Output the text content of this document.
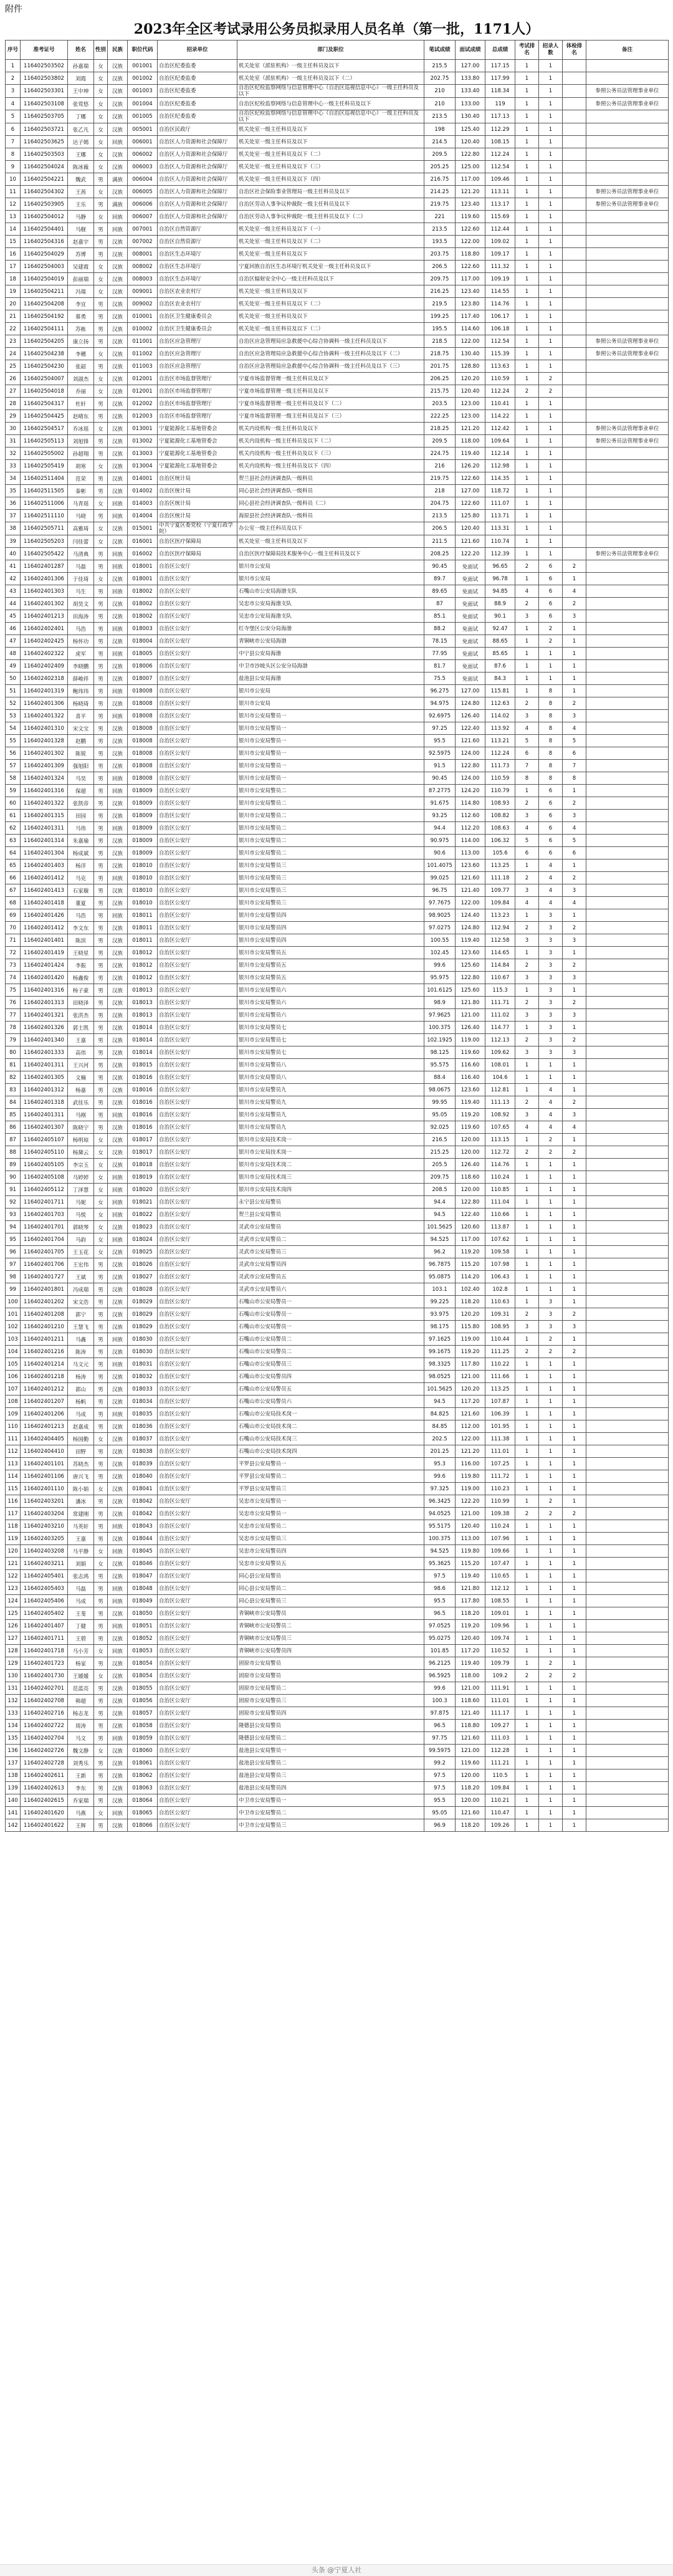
附件
2023年全区考试录用公务员拟录用人员名单（第一批，1171人）
序号	准考证号	姓名	性别	民族	职位代码	招录单位	部门及职位	笔试成绩	面试成绩	总成绩	考试排名	招录人数	体检排名	备注
1	116402503502	孙嘉瑞	女	汉族	001001	自治区纪委监委	机关处室（派驻机构）一级主任科员及以下	215.5	127.00	117.15	1	1		
2	116402503802	刘霞	女	汉族	001002	自治区纪委监委	机关处室（派驻机构）一级主任科员及以下（二）	202.75	133.80	117.99	1	1		
3	116402503301	王中坤	女	汉族	001003	自治区纪委监委	自治区纪检监察网络与信息管理中心（自治区巡视信息中心）一级主任科员及以下	210	133.40	118.34	1	1		参照公务员法管理事业单位
4	116402503108	张莺悠	女	汉族	001004	自治区纪委监委	自治区纪检监察网络与信息管理中心一级主任科员及以下	210	133.00	119	1	1		参照公务员法管理事业单位
5	116402503705	丁娜	女	汉族	001005	自治区纪委监委	自治区纪检监察网络与信息管理中心（自治区巡视信息中心）一级主任科员及以下	213.5	130.40	117.13	1	1		
6	116402503721	张乙凡	女	汉族	005001	自治区民政厅	机关处室一级主任科员及以下	198	125.40	112.29	1	1		
7	116402503625	达子嫣	女	回族	006001	自治区人力资源和社会保障厅	机关处室一级主任科员及以下	214.5	120.40	108.15	1	1		
8	116402503503	王娜	女	汉族	006002	自治区人力资源和社会保障厅	机关处室一级主任科员及以下（二）	209.5	122.80	112.24	1	1		
9	116402504024	陈冰薇	女	汉族	006003	自治区人力资源和社会保障厅	机关处室一级主任科员及以下（三）	205.25	125.00	112.54	1	1		
10	116402504221	魏武	男	满族	006004	自治区人力资源和社会保障厅	机关处室一级主任科员及以下（四）	216.75	117.00	109.46	1	1		
11	116402504302	王茜	女	汉族	006005	自治区人力资源和社会保障厅	自治区社会保险事业管理局一级主任科员及以下	214.25	121.20	113.11	1	1		参照公务员法管理事业单位
12	116402503905	王乐	男	满族	006006	自治区人力资源和社会保障厅	自治区劳动人事争议仲裁院一级主任科员及以下	219.75	123.40	113.17	1	1		参照公务员法管理事业单位
13	116402504012	马静	女	回族	006007	自治区人力资源和社会保障厅	自治区劳动人事争议仲裁院一级主任科员及以下（二）	221	119.60	115.69	1	1		
14	116402504401	马舰	男	回族	007001	自治区自然资源厅	机关处室一级主任科员及以下（一）	213.5	122.60	112.44	1	1		
15	116402504316	赵嘉宇	男	汉族	007002	自治区自然资源厅	机关处室一级主任科员及以下（二）	193.5	122.00	109.02	1	1		
16	116402504029	苏博	男	汉族	008001	自治区生态环境厅	机关处室一级主任科员及以下	203.75	118.80	109.17	1	1		
17	116402504003	吴建霞	女	汉族	008002	自治区生态环境厅	宁夏回族自治区生态环境厅机关处室一级主任科员及以下	206.5	122.60	111.32	1	1		
18	116402504019	彭丽瑞	女	汉族	008003	自治区生态环境厅	自治区辐射安全中心一级主任科员及以下	209.75	117.00	109.19	1	1		
19	116402504211	冯瑞	女	汉族	009001	自治区农业农村厅	机关处室一级主任科员及以下	216.25	123.40	114.55	1	1		
20	116402504208	李宜	男	汉族	009002	自治区农业农村厅	机关处室一级主任科员及以下（二）	219.5	123.80	114.76	1	1		
21	116402504192	慕勇	男	汉族	010001	自治区卫生健康委员会	机关处室一级主任科员及以下	199.25	117.40	106.17	1	1		
22	116402504111	苏栋	男	汉族	010002	自治区卫生健康委员会	机关处室一级主任科员及以下（二）	195.5	114.60	106.18	1	1		
23	116402504205	康立扬	男	汉族	011001	自治区应急管理厅	自治区应急管理局应急救援中心综合协调科一级主任科员及以下	218.5	122.00	112.54	1	1		参照公务员法管理事业单位
24	116402504238	李穗	女	汉族	011002	自治区应急管理厅	自治区应急管理局应急救援中心综合协调科一级主任科员及以下（二）	218.75	130.40	115.39	1	1		参照公务员法管理事业单位
25	116402504230	张韶	男	汉族	011003	自治区应急管理厅	自治区应急管理局应急救援中心综合协调科一级主任科员及以下（三）	201.75	128.80	113.63	1	1		
26	116402504007	刘淑杰	女	汉族	012001	自治区市场监督管理厅	宁夏市场监督管理一级主任科员及以下	206.25	120.20	110.59	1	2		
27	116402504018	乔丽	女	汉族	012001	自治区市场监督管理厅	宁夏市场监督管理一级主任科员及以下	215.75	120.40	112.24	2	2		
28	116402504317	杜轩	男	汉族	012002	自治区市场监督管理厅	宁夏市场监督管理一级主任科员及以下（二）	203.5	123.00	110.41	1	1		
29	116402504425	赵晴东	男	汉族	012003	自治区市场监督管理厅	宁夏市场监督管理一级主任科员及以下（三）	222.25	123.00	114.22	1	1		
30	116402504517	乔冰瑶	女	汉族	013001	宁夏能源化工基地管委会	机关内设机构一级主任科员及以下	218.25	121.20	112.42	1	1		参照公务员法管理事业单位
31	116402505113	刘旭锋	男	汉族	013002	宁夏能源化工基地管委会	机关内设机构一级主任科员及以下（二）	209.5	118.00	109.64	1	1		参照公务员法管理事业单位
32	116402505002	孙超翔	男	汉族	013003	宁夏能源化工基地管委会	机关内设机构一级主任科员及以下（三）	224.75	119.40	112.14	1	1		
33	116402505419	胡寒	女	汉族	013004	宁夏能源化工基地管委会	机关内设机构一级主任科员及以下（四）	216	126.20	112.98	1	1		
34	116402511404	范荣	男	汉族	014001	自治区统计局	贺兰县社会经济调查队一级科员	219.75	122.60	114.35	1	1		
35	116402511505	秦彬	男	汉族	014002	自治区统计局	同心县社会经济调查队一级科员	218	127.00	118.72	1	1		
36	116402511006	马青瑶	女	回族	014003	自治区统计局	同心县社会经济调查队一级科员（二）	204.75	122.60	111.07	1	1		
37	116402511110	马晓	男	回族	014004	自治区统计局	海原县社会经济调查队一级科员	213.5	125.80	113.71	1	1		
38	116402505711	高雅琦	女	汉族	015001	中共宁夏区委党校（宁夏行政学院）	办公室一级主任科员及以下	206.5	120.40	113.31	1	1		
39	116402505203	闫佳蕾	女	汉族	016001	自治区医疗保障局	机关处室一级主任科员及以下	211.5	121.60	110.74	1	1		
40	116402505422	马清典	男	回族	016002	自治区医疗保障局	自治区医疗保障局技术服务中心一级主任科员及以下	208.25	122.20	112.39	1	1		参照公务员法管理事业单位
41	116402401287	马磊	男	回族	018001	自治区公安厅	银川市公安局	90.45	免面试	96.65	2	6	2	
42	116402401306	于佳琦	女	汉族	018001	自治区公安厅	银川市公安局	89.7	免面试	96.78	1	6	1	
43	116402401303	马生	男	回族	018002	自治区公安厅	石嘴山市公安局海渤支队	89.65	免面试	94.85	4	6	4	
44	116402401302	胡昊文	男	汉族	018002	自治区公安厅	吴忠市公安局海渤支队	87	免面试	88.9	2	6	2	
45	116402401213	田海涛	男	汉族	018002	自治区公安厅	吴忠市公安局海渤支队	85.1	免面试	90.1	3	6	3	
46	116402402401	马浩	男	回族	018003	自治区公安厅	红寺堡区公安分局海渤	88.2	免面试	92.47	1	2	1	
47	116402402425	杨怀功	男	汉族	018004	自治区公安厅	青铜峡市公安局海渤	78.15	免面试	88.65	1	2	1	
48	116402402322	虎军	男	回族	018005	自治区公安厅	中宁县公安局海渤	77.95	免面试	85.65	1	1	1	
49	116402402409	李晓鹏	男	汉族	018006	自治区公安厅	中卫市沙坡头区公安分局海渤	81.7	免面试	87.6	1	1	1	
50	116402402318	薛峻祥	男	汉族	018007	自治区公安厅	盐池县公安局海渤	75.5	免面试	84.3	1	1	1	
51	116402401319	鲍玮玮	男	回族	018008	自治区公安厅	银川市公安局	96.275	127.00	115.81	1	8	1	
52	116402401306	杨晓琦	男	汉族	018008	自治区公安厅	银川市公安局	94.975	124.80	112.63	2	8	2	
53	116402401322	喜平	男	回族	018008	自治区公安厅	银川市公安局警员一	92.6975	126.40	114.02	3	8	3	
54	116402401310	宋文宝	男	汉族	018008	自治区公安厅	银川市公安局警员一	97.25	122.40	113.92	4	8	4	
55	116402401328	赵鹏	男	汉族	018008	自治区公安厅	银川市公安局警员一	95.5	121.60	113.21	5	8	5	
56	116402401302	陈锐	男	汉族	018008	自治区公安厅	银川市公安局警员一	92.5975	124.00	112.24	6	8	6	
57	116402401309	强旭阳	男	汉族	018008	自治区公安厅	银川市公安局警员一	91.5	122.80	111.73	7	8	7	
58	116402401324	马昊	男	回族	018008	自治区公安厅	银川市公安局警员一	90.45	124.00	110.59	8	8	8	
59	116402401316	保超	男	回族	018009	自治区公安厅	银川市公安局警员二	87.2775	124.20	110.79	1	6	1	
60	116402401322	张凯帝	男	汉族	018009	自治区公安厅	银川市公安局警员二	91.675	114.80	108.93	2	6	2	
61	116402401315	田园	男	汉族	018009	自治区公安厅	银川市公安局警员二	93.25	112.60	108.82	3	6	3	
62	116402401311	马伟	男	回族	018009	自治区公安厅	银川市公安局警员二	94.4	112.20	108.63	4	6	4	
63	116402401314	朱嘉瑜	男	汉族	018009	自治区公安厅	银川市公安局警员二	90.975	114.00	106.32	5	6	5	
64	116402401304	杨成斌	男	汉族	018009	自治区公安厅	银川市公安局警员二	90.6	113.00	105.6	6	6	6	
65	116402401403	杨洋	男	汉族	018010	自治区公安厅	银川市公安局警员三	101.4075	123.60	113.25	1	4	1	
66	116402401412	马克	男	回族	018010	自治区公安厅	银川市公安局警员三	99.025	121.60	111.18	2	4	2	
67	116402401413	石家璇	男	汉族	018010	自治区公安厅	银川市公安局警员三	96.75	121.40	109.77	3	4	3	
68	116402401418	董夏	男	汉族	018010	自治区公安厅	银川市公安局警员三	97.7675	122.00	109.84	4	4	4	
69	116402401426	马浩	男	回族	018011	自治区公安厅	银川市公安局警员四	98.9025	124.40	113.23	1	3	1	
70	116402401412	李文东	男	汉族	018011	自治区公安厅	银川市公安局警员四	97.0275	124.80	112.94	2	3	2	
71	116402401401	陈滨	男	汉族	018011	自治区公安厅	银川市公安局警员四	100.55	119.40	112.58	3	3	3	
72	116402401419	王晓星	男	汉族	018012	自治区公安厅	银川市公安局警员五	102.45	123.60	114.65	1	3	1	
73	116402401424	李振	男	汉族	018012	自治区公安厅	银川市公安局警员五	99.6	125.60	114.84	2	3	2	
74	116402401420	杨鑫俊	男	汉族	018012	自治区公安厅	银川市公安局警员五	95.975	122.80	110.67	3	3	3	
75	116402401316	杨子豪	男	汉族	018013	自治区公安厅	银川市公安局警员六	101.6125	125.60	115.3	1	3	1	
76	116402401313	田晓泽	男	汉族	018013	自治区公安厅	银川市公安局警员六	98.9	121.80	111.71	2	3	2	
77	116402401321	张洪杰	男	汉族	018013	自治区公安厅	银川市公安局警员六	97.9625	121.00	111.02	3	3	3	
78	116402401326	郭士凯	男	汉族	018014	自治区公安厅	银川市公安局警员七	100.375	126.40	114.77	1	3	1	
79	116402401340	王嘉	男	汉族	018014	自治区公安厅	银川市公安局警员七	102.1925	119.00	112.13	2	3	2	
80	116402401333	高伟	男	汉族	018014	自治区公安厅	银川市公安局警员七	98.125	119.60	109.62	3	3	3	
81	116402401311	王兴河	男	汉族	018015	自治区公安厅	银川市公安局警员八	95.575	116.60	108.01	1	1	1	
82	116402401305	文楠	男	汉族	018016	自治区公安厅	银川市公安局警员八	88.4	116.40	104.6	1	1	1	
83	116402401312	杨嘉	男	汉族	018016	自治区公安厅	银川市公安局警员九	98.0675	123.60	112.81	1	4	1	
84	116402401318	武佳乐	男	汉族	018016	自治区公安厅	银川市公安局警员九	99.95	119.40	111.13	2	4	2	
85	116402401311	马刚	男	回族	018016	自治区公安厅	银川市公安局警员九	95.05	119.20	108.92	3	4	3	
86	116402401307	陈晓宁	男	汉族	018016	自治区公安厅	银川市公安局警员九	92.025	119.60	107.65	4	4	4	
87	116402405107	杨明琼	女	汉族	018017	自治区公安厅	银川市公安局技术岗一	216.5	120.00	113.15	1	2	1	
88	116402405110	杨黛云	女	汉族	018017	自治区公安厅	银川市公安局技术岗一	215.25	120.00	112.72	2	2	2	
89	116402405105	李宗玉	女	汉族	018018	自治区公安厅	银川市公安局技术岗二	205.5	126.40	114.76	1	1	1	
90	116402405108	马婷婷	女	回族	018019	自治区公安厅	银川市公安局技术岗三	209.75	118.60	110.24	1	1	1	
91	116402405112	丁泽慧	女	回族	018020	自治区公安厅	银川市公安局技术岗四	208.5	120.00	110.85	1	1	1	
92	116402401711	马妮	女	回族	018021	自治区公安厅	永宁县公安局警员	94.4	122.80	111.04	1	1	1	
93	116402401703	马悦	女	回族	018022	自治区公安厅	贺兰县公安局警员	94.5	122.40	110.66	1	1	1	
94	116402401701	郭晓琴	女	汉族	018023	自治区公安厅	灵武市公安局警员	101.5625	120.60	113.87	1	1	1	
95	116402401704	马韵	女	回族	018024	自治区公安厅	灵武市公安局警员二	94.525	117.00	107.62	1	1	1	
96	116402401705	王玉花	女	汉族	018025	自治区公安厅	灵武市公安局警员三	96.2	119.20	109.58	1	1	1	
97	116402401706	王宏伟	男	汉族	018026	自治区公安厅	灵武市公安局警员四	96.7875	115.20	107.98	1	1	1	
98	116402401727	王斌	男	汉族	018027	自治区公安厅	灵武市公安局警员五	95.0875	114.20	106.43	1	1	1	
99	116402401801	冯成瑞	男	汉族	018028	自治区公安厅	灵武市公安局警员六	103.1	102.40	102.8	1	1	1	
100	116402401202	宋文浩	男	汉族	018029	自治区公安厅	石嘴山市公安局警员一	99.225	118.20	110.63	1	3	1	
101	116402401208	郭宁	男	汉族	018029	自治区公安厅	石嘴山市公安局警员一	93.975	120.20	109.31	2	3	2	
102	116402401210	王慧飞	男	汉族	018029	自治区公安厅	石嘴山市公安局警员一	98.175	115.80	108.95	3	3	3	
103	116402401211	马鑫	男	回族	018030	自治区公安厅	石嘴山市公安局警员二	97.1625	119.00	110.44	1	2	1	
104	116402401216	陈涛	男	汉族	018030	自治区公安厅	石嘴山市公安局警员二	99.1675	119.20	111.25	2	2	2	
105	116402401214	马文元	男	回族	018031	自治区公安厅	石嘴山市公安局警员三	98.3325	117.80	110.22	1	1	1	
106	116402401218	杨涛	男	汉族	018032	自治区公安厅	石嘴山市公安局警员四	98.0525	121.00	111.66	1	1	1	
107	116402401212	郭山	男	汉族	018033	自治区公安厅	石嘴山市公安局警员五	101.5625	120.20	113.25	1	1	1	
108	116402401207	杨帆	男	汉族	018034	自治区公安厅	石嘴山市公安局警员六	94.5	117.20	107.87	1	1	1	
109	116402401206	马成	男	回族	018035	自治区公安厅	石嘴山市公安局技术岗一	84.825	121.60	106.39	1	1	1	
110	116402401213	赵嘉成	男	汉族	018036	自治区公安厅	石嘴山市公安局技术岗二	84.85	112.00	101.95	1	1	1	
111	116402404405	杨国勤	女	汉族	018037	自治区公安厅	石嘴山市公安局技术岗三	202.5	122.00	111.38	1	1	1	
112	116402404410	田野	男	汉族	018038	自治区公安厅	石嘴山市公安局技术岗四	201.25	121.20	111.01	1	1	1	
113	116402401101	苏晓杰	男	汉族	018039	自治区公安厅	平罗县公安局警员一	95.3	116.00	107.25	1	1	1	
114	116402401106	唐兴飞	男	汉族	018040	自治区公安厅	平罗县公安局警员二	99.6	119.80	111.72	1	1	1	
115	116402401110	陈小娟	女	汉族	018041	自治区公安厅	平罗县公安局警员三	97.325	119.00	110.23	1	1	1	
116	116402403201	潘冰	男	汉族	018042	自治区公安厅	吴忠市公安局警员一	96.3425	122.20	110.99	1	2	1	
117	116402403204	常建刚	男	汉族	018042	自治区公安厅	吴忠市公安局警员一	94.0525	121.00	109.38	2	2	2	
118	116402403210	马英轩	男	回族	018043	自治区公安厅	吴忠市公安局警员二	95.5175	120.40	110.24	1	1	1	
119	116402403205	王嘉	男	汉族	018044	自治区公安厅	吴忠市公安局警员三	100.375	113.00	107.96	1	1	1	
120	116402403208	马平静	女	回族	018045	自治区公安厅	吴忠市公安局警员四	94.525	119.80	109.66	1	1	1	
121	116402403211	刘娟	女	汉族	018046	自治区公安厅	吴忠市公安局警员五	95.3625	115.20	107.47	1	1	1	
122	116402405401	张志鸿	男	汉族	018047	自治区公安厅	同心县公安局警员	97.5	119.40	110.65	1	1	1	
123	116402405403	马磊	男	回族	018048	自治区公安厅	同心县公安局警员二	98.6	121.80	112.12	1	1	1	
124	116402405406	马成	男	回族	018049	自治区公安厅	同心县公安局警员三	95.5	117.80	108.55	1	1	1	
125	116402405402	王斐	男	汉族	018050	自治区公安厅	青铜峡市公安局警员	96.5	118.20	109.01	1	1	1	
126	116402401407	丁健	男	回族	018051	自治区公安厅	青铜峡市公安局警员二	97.0525	119.20	109.96	1	1	1	
127	116402401711	王碧	男	汉族	018052	自治区公安厅	青铜峡市公安局警员三	95.0275	120.40	109.74	1	1	1	
128	116402401718	马小芳	女	回族	018053	自治区公安厅	青铜峡市公安局警员四	101.85	117.20	110.52	1	1	1	
129	116402401723	杨家	男	汉族	018054	自治区公安厅	固原市公安局警员	96.2125	119.40	109.79	1	2	1	
130	116402401730	王媛媛	女	汉族	018054	自治区公安厅	固原市公安局警员	96.5925	118.00	109.2	2	2	2	
131	116402402701	范蓝亮	男	汉族	018055	自治区公安厅	固原市公安局警员二	99.6	121.00	111.91	1	1	1	
132	116402402708	韩超	男	汉族	018056	自治区公安厅	固原市公安局警员三	100.3	118.60	111.01	1	1	1	
133	116402402716	杨志龙	男	汉族	018057	自治区公安厅	固原市公安局警员四	97.875	121.40	111.17	1	1	1	
134	116402402722	周涛	男	汉族	018058	自治区公安厅	隆德县公安局警员	96.5	118.80	109.27	1	1	1	
135	116402402704	马文	男	回族	018059	自治区公安厅	隆德县公安局警员二	97.75	121.60	111.03	1	1	1	
136	116402402726	魏文静	女	汉族	018060	自治区公安厅	盐池县公安局警员一	99.5975	121.00	112.28	1	1	1	
137	116402402728	刘秀乐	男	汉族	018061	自治区公安厅	盐池县公安局警员二	99.2	119.60	111.21	1	1	1	
138	116402402611	王新	男	汉族	018062	自治区公安厅	盐池县公安局警员三	97.5	120.00	110.5	1	1	1	
139	116402402613	李东	男	汉族	018063	自治区公安厅	盐池县公安局警员四	97.5	118.20	109.84	1	1	1	
140	116402402615	乔家瑞	男	汉族	018064	自治区公安厅	中卫市公安局警员一	95.5	120.00	110.21	1	1	1	
141	116402401620	马燕	女	回族	018065	自治区公安厅	中卫市公安局警员二	95.05	121.60	110.47	1	1	1	
142	116402401622	王辉	男	汉族	018066	自治区公安厅	中卫市公安局警员三	96.9	118.20	109.26	1	1	1	
头条 @宁夏人社
